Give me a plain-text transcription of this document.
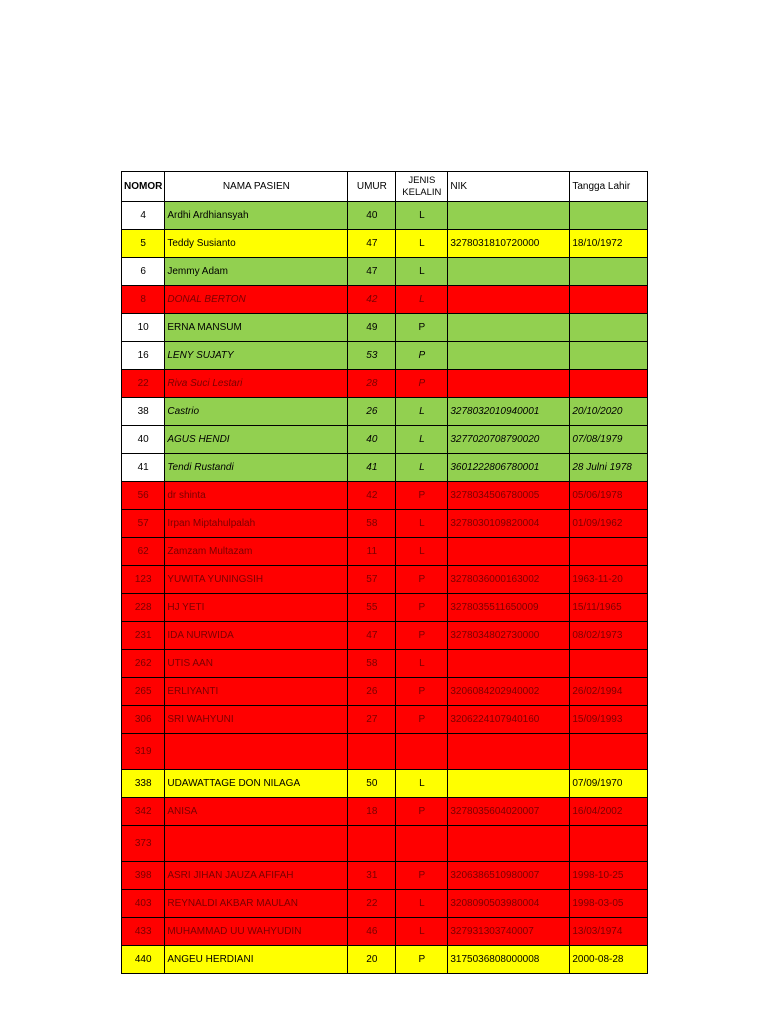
NOMOR	NAMA PASIEN	UMUR	JENIS KELALIN	NIK	Tangga Lahir
4	Ardhi Ardhiansyah	40	L		
5	Teddy Susianto	47	L	3278031810720000	18/10/1972
6	Jemmy Adam	47	L		
8	DONAL BERTON	42	L		
10	ERNA MANSUM	49	P		
16	LENY SUJATY	53	P		
22	Riva Suci Lestari	28	P		
38	Castrio	26	L	3278032010940001	20/10/2020
40	AGUS HENDI	40	L	3277020708790020	07/08/1979
41	Tendi Rustandi	41	L	3601222806780001	28 Julni 1978
56	dr shinta	42	P	3278034506780005	05/06/1978
57	Irpan Miptahulpalah	58	L	3278030109820004	01/09/1962
62	Zamzam Multazam	11	L		
123	YUWITA YUNINGSIH	57	P	3278036000163002	1963-11-20
228	HJ YETI	55	P	3278035511650009	15/11/1965
231	IDA NURWIDA	47	P	3278034802730000	08/02/1973
262	UTIS AAN	58	L		
265	ERLIYANTI	26	P	3206084202940002	26/02/1994
306	SRI WAHYUNI	27	P	3206224107940160	15/09/1993
319					
338	UDAWATTAGE DON NILAGA	50	L		07/09/1970
342	ANISA	18	P	3278035604020007	16/04/2002
373					
398	ASRI JIHAN JAUZA AFIFAH	31	P	3206386510980007	1998-10-25
403	REYNALDI AKBAR MAULAN	22	L	3208090503980004	1998-03-05
433	MUHAMMAD UU WAHYUDIN	46	L	327931303740007	13/03/1974
440	ANGEU HERDIANI	20	P	3175036808000008	2000-08-28
